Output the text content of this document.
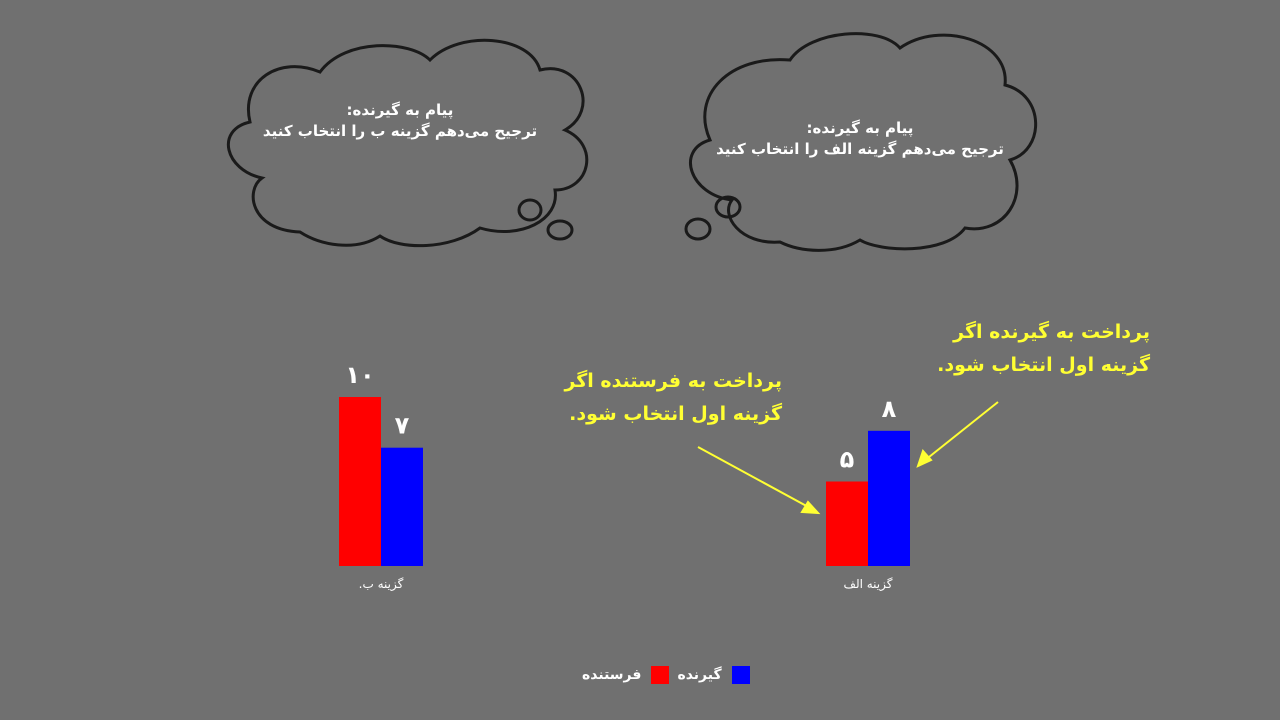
۱۰
۷
گزینه ب.
۵
۸
گزینه الف
پیام به گیرنده:
ترجیح می‌دهم گزینه ب را انتخاب کنید	پیام به گیرنده:
ترجیح می‌دهم گزینه الف را انتخاب کنید
پرداخت به فرستنده اگر
گزینه اول انتخاب شود.
پرداخت به گیرنده اگر
گزینه اول انتخاب شود.
فرستنده	گیرنده
